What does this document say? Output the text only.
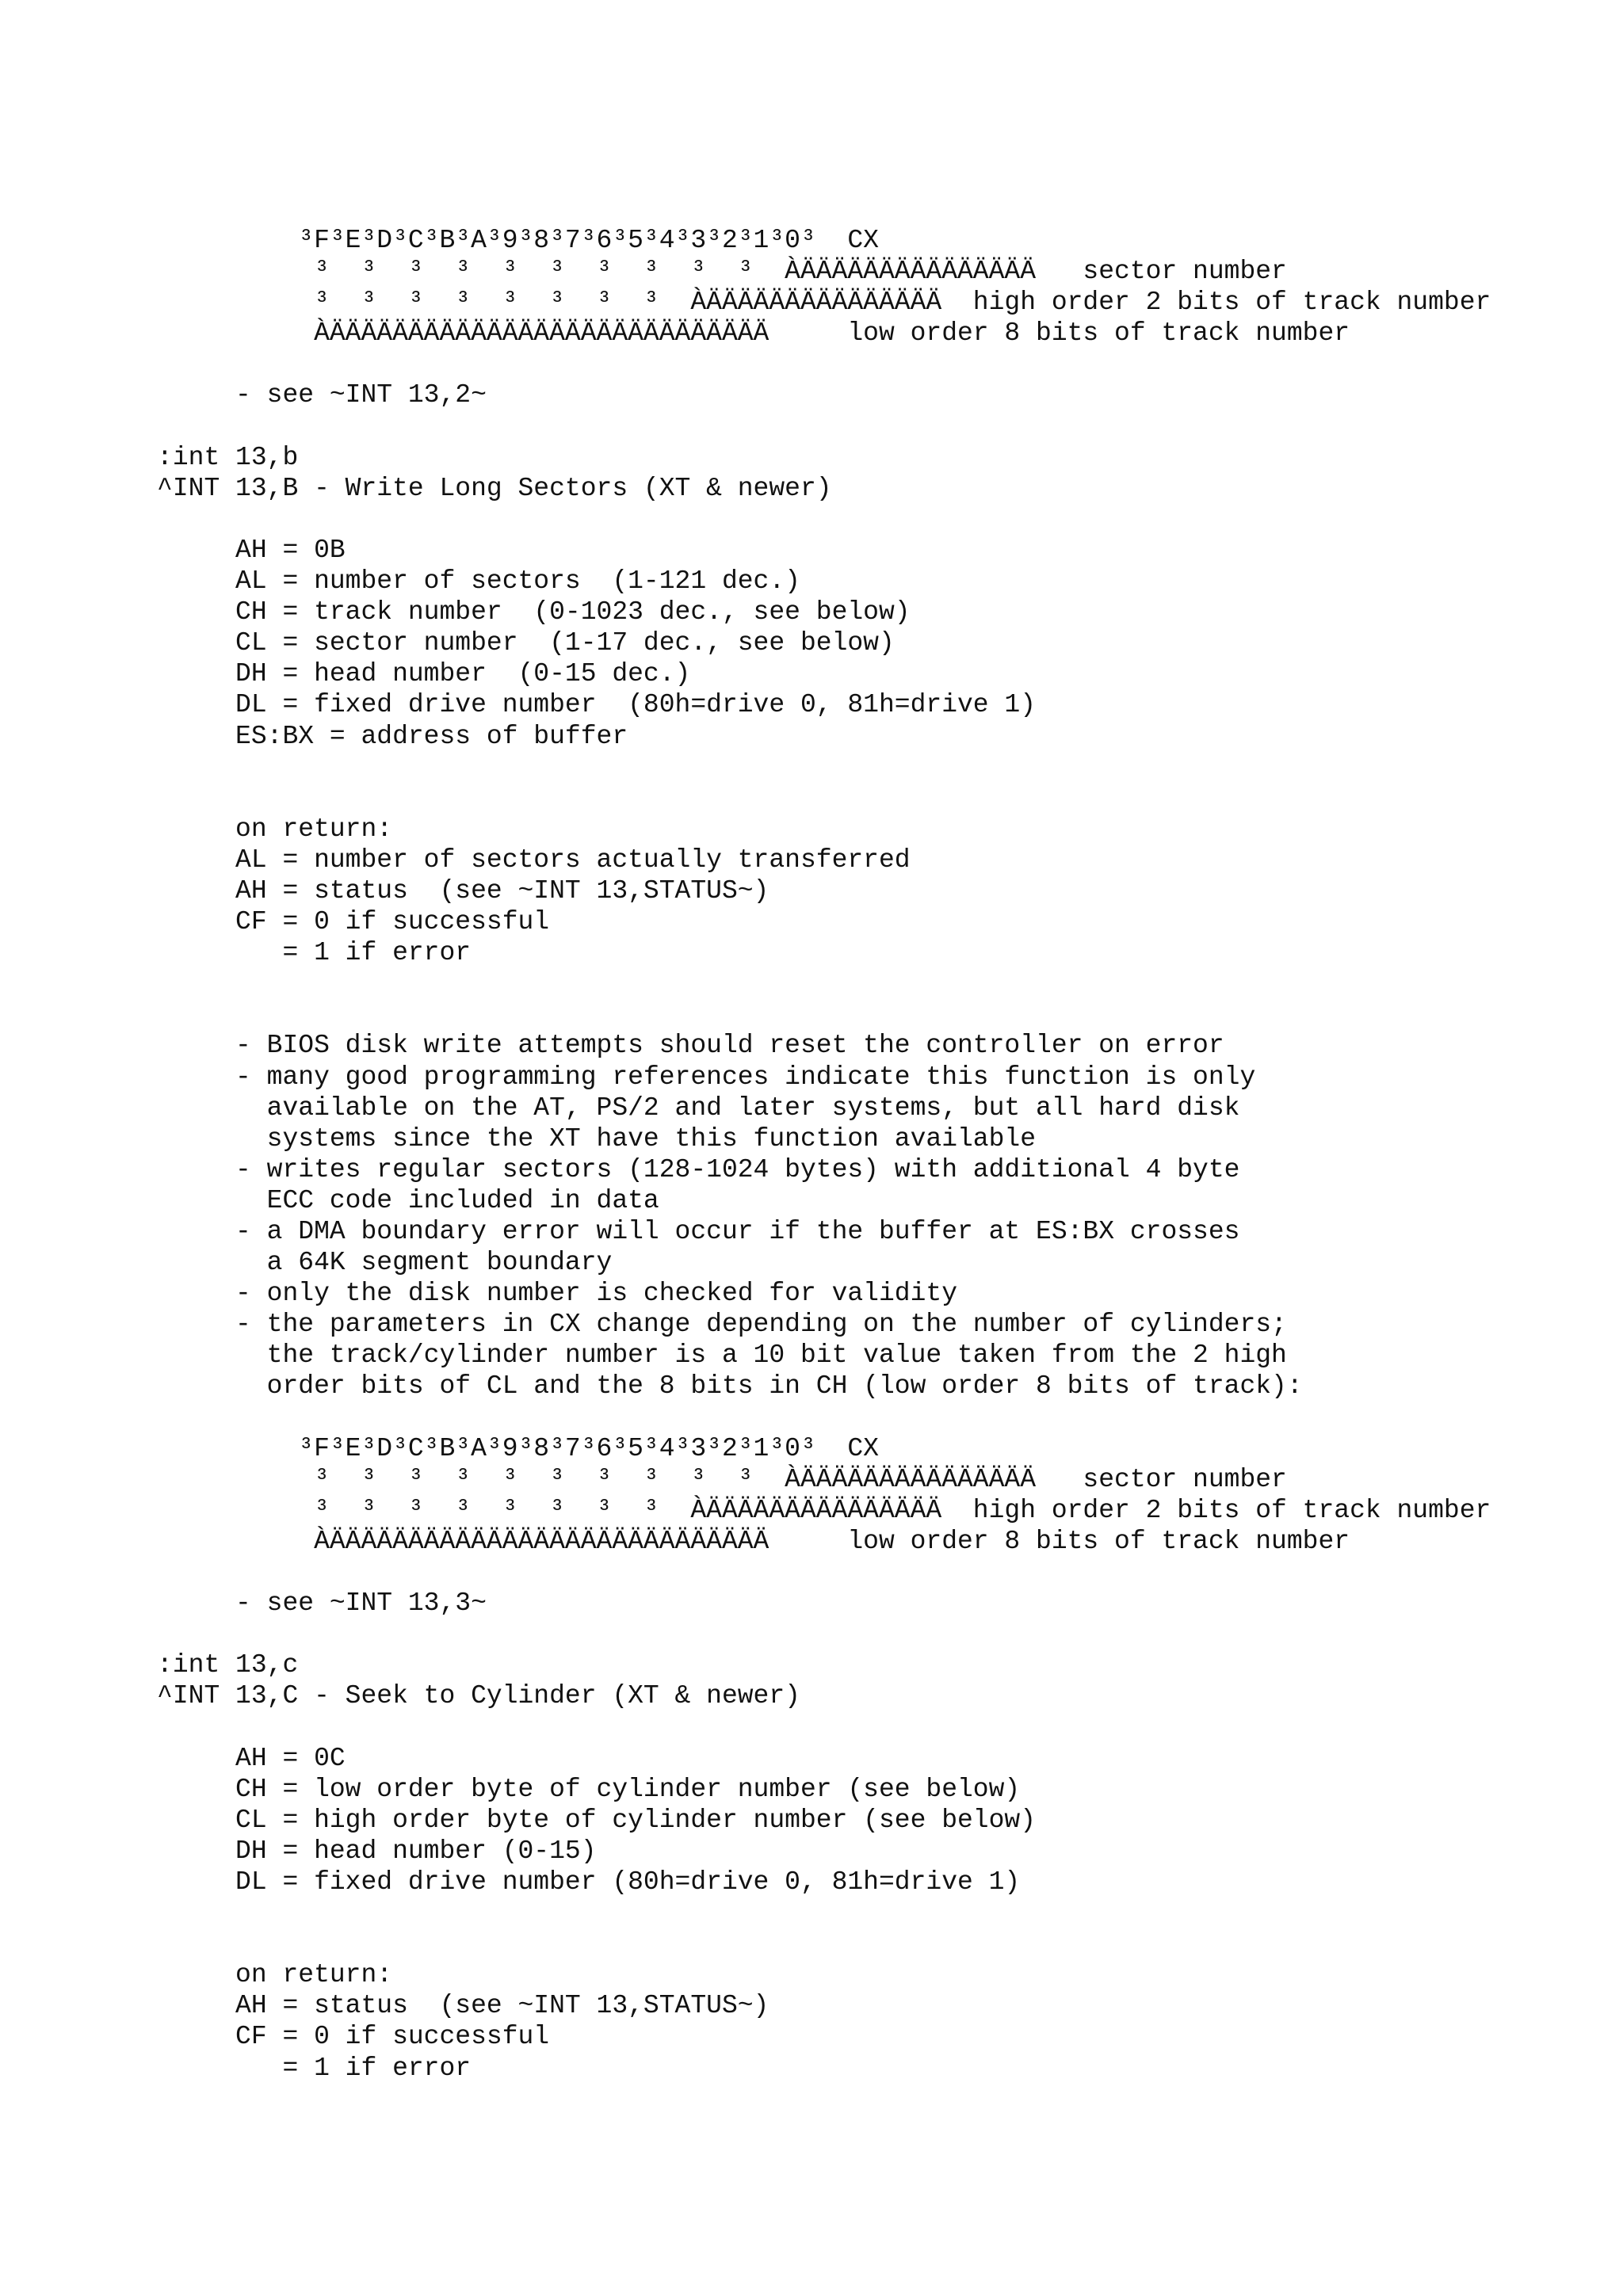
³F³E³D³C³B³A³9³8³7³6³5³4³3³2³1³0³  CX
³  ³  ³  ³  ³  ³  ³  ³  ³  ³  ÀÄÄÄÄÄÄÄÄÄÄÄÄÄÄÄ   sector number
³  ³  ³  ³  ³  ³  ³  ³  ÀÄÄÄÄÄÄÄÄÄÄÄÄÄÄÄ  high order 2 bits of track number
ÀÄÄÄÄÄÄÄÄÄÄÄÄÄÄÄÄÄÄÄÄÄÄÄÄÄÄÄÄ     low order 8 bits of track number
- see ~INT 13,2~
:int 13,b
^INT 13,B - Write Long Sectors (XT & newer)
AH = 0B
AL = number of sectors  (1-121 dec.)
CH = track number  (0-1023 dec., see below)
CL = sector number  (1-17 dec., see below)
DH = head number  (0-15 dec.)
DL = fixed drive number  (80h=drive 0, 81h=drive 1)
ES:BX = address of buffer
on return:
AL = number of sectors actually transferred
AH = status  (see ~INT 13,STATUS~)
CF = 0 if successful
= 1 if error
- BIOS disk write attempts should reset the controller on error
- many good programming references indicate this function is only
available on the AT, PS/2 and later systems, but all hard disk
systems since the XT have this function available
- writes regular sectors (128-1024 bytes) with additional 4 byte
ECC code included in data
- a DMA boundary error will occur if the buffer at ES:BX crosses
a 64K segment boundary
- only the disk number is checked for validity
- the parameters in CX change depending on the number of cylinders;
the track/cylinder number is a 10 bit value taken from the 2 high
order bits of CL and the 8 bits in CH (low order 8 bits of track):
³F³E³D³C³B³A³9³8³7³6³5³4³3³2³1³0³  CX
³  ³  ³  ³  ³  ³  ³  ³  ³  ³  ÀÄÄÄÄÄÄÄÄÄÄÄÄÄÄÄ   sector number
³  ³  ³  ³  ³  ³  ³  ³  ÀÄÄÄÄÄÄÄÄÄÄÄÄÄÄÄ  high order 2 bits of track number
ÀÄÄÄÄÄÄÄÄÄÄÄÄÄÄÄÄÄÄÄÄÄÄÄÄÄÄÄÄ     low order 8 bits of track number
- see ~INT 13,3~
:int 13,c
^INT 13,C - Seek to Cylinder (XT & newer)
AH = 0C
CH = low order byte of cylinder number (see below)
CL = high order byte of cylinder number (see below)
DH = head number (0-15)
DL = fixed drive number (80h=drive 0, 81h=drive 1)
on return:
AH = status  (see ~INT 13,STATUS~)
CF = 0 if successful
= 1 if error
